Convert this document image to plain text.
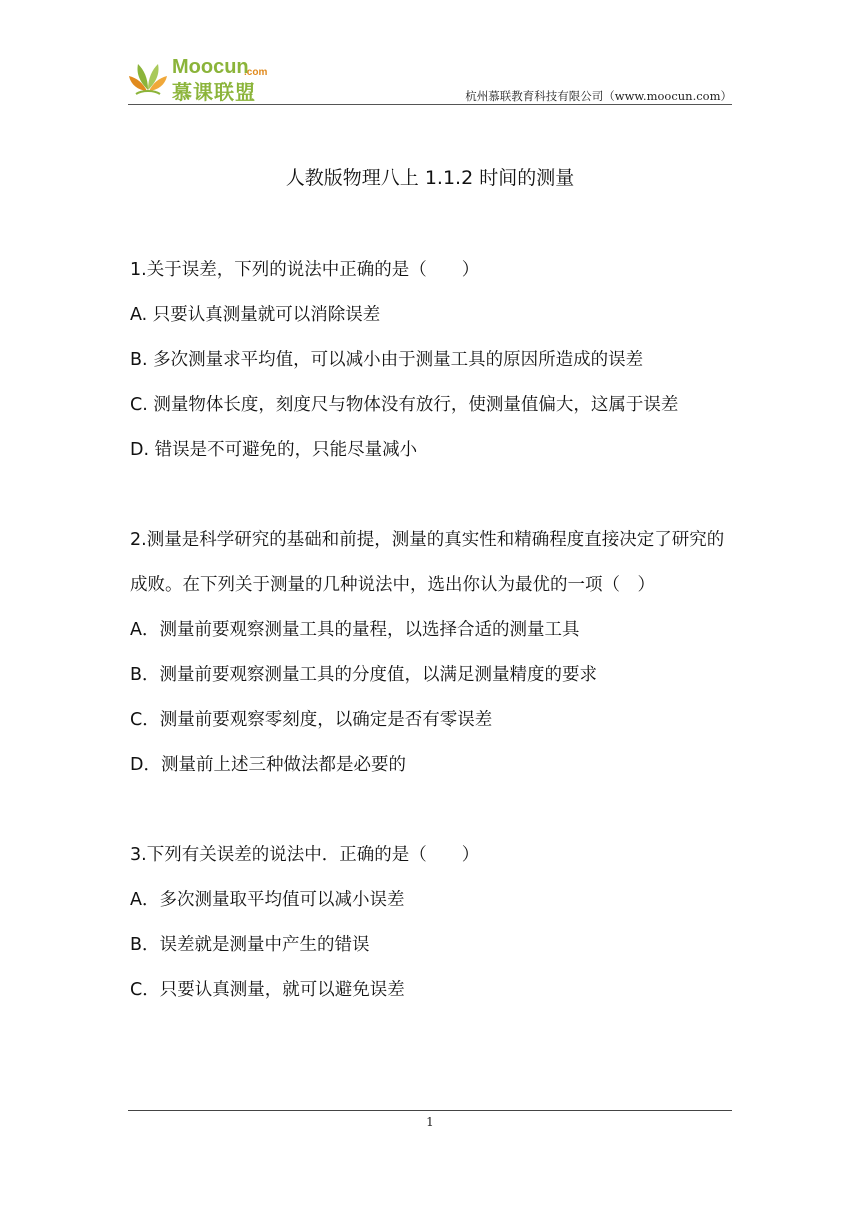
Moocun
.com
慕课联盟	杭州慕联教育科技有限公司（www.moocun.com）
人教版物理八上 1.1.2 时间的测量
1.关于误差，下列的说法中正确的是（　　）
A. 只要认真测量就可以消除误差
B. 多次测量求平均值，可以减小由于测量工具的原因所造成的误差
C. 测量物体长度，刻度尺与物体没有放行，使测量值偏大，这属于误差
D. 错误是不可避免的，只能尽量减小
2.测量是科学研究的基础和前提，测量的真实性和精确程度直接决定了研究的成败。在下列关于测量的几种说法中，选出你认为最优的一项（　）
A．测量前要观察测量工具的量程，以选择合适的测量工具
B．测量前要观察测量工具的分度值，以满足测量精度的要求
C．测量前要观察零刻度，以确定是否有零误差
D．测量前上述三种做法都是必要的
3.下列有关误差的说法中．正确的是（　　）
A．多次测量取平均值可以减小误差
B．误差就是测量中产生的错误
C．只要认真测量，就可以避免误差
1
